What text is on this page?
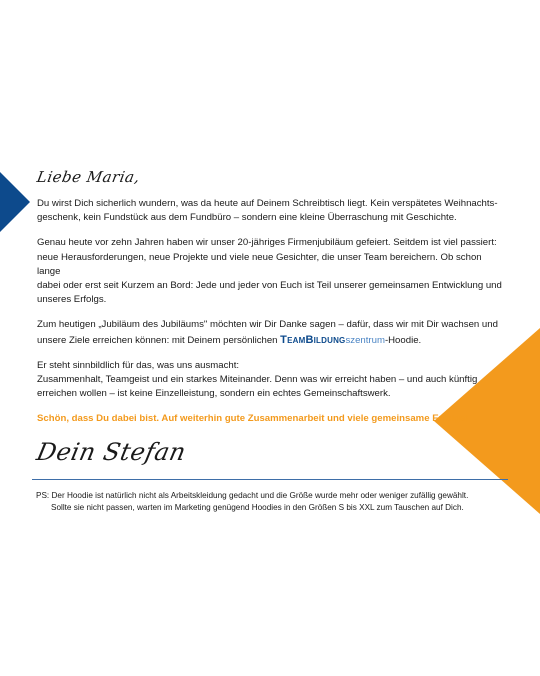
Liebe Maria,

Du wirst Dich sicherlich wundern, was da heute auf Deinem Schreibtisch liegt. Kein verspätetes Weihnachts-
geschenk, kein Fundstück aus dem Fundbüro – sondern eine kleine Überraschung mit Geschichte.

Genau heute vor zehn Jahren haben wir unser 20-jähriges Firmenjubiläum gefeiert. Seitdem ist viel passiert:
neue Herausforderungen, neue Projekte und viele neue Gesichter, die unser Team bereichern. Ob schon lange
dabei oder erst seit Kurzem an Bord: Jede und jeder von Euch ist Teil unserer gemeinsamen Entwicklung und
unseres Erfolgs.

Zum heutigen „Jubiläum des Jubiläums" möchten wir Dir Danke sagen – dafür, dass wir mit Dir wachsen und
unsere Ziele erreichen können: mit Deinem persönlichen TeamBildungszentrum-Hoodie.

Er steht sinnbildlich für das, was uns ausmacht:
Zusammenhalt, Teamgeist und ein starkes Miteinander. Denn was wir erreicht haben – und auch künftig
erreichen wollen – ist keine Einzelleistung, sondern ein echtes Gemeinschaftswerk.

Schön, dass Du dabei bist. Auf weiterhin gute Zusammenarbeit und viele gemeinsame Erfolge!

Dein Stefan
PS: Der Hoodie ist natürlich nicht als Arbeitskleidung gedacht und die Größe wurde mehr oder weniger zufällig gewählt.
Sollte sie nicht passen, warten im Marketing genügend Hoodies in den Größen S bis XXL zum Tauschen auf Dich.
